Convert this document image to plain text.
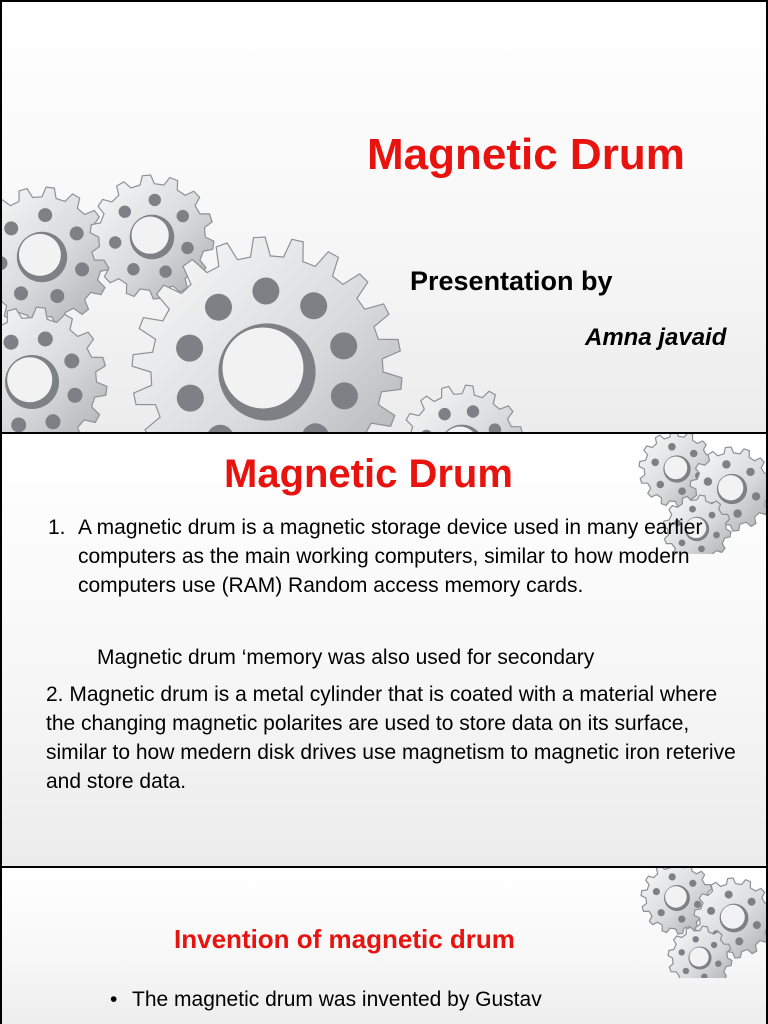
Magnetic Drum
Presentation by
Amna javaid
Magnetic Drum
1. A magnetic drum is a magnetic storage device used in many earlier computers as the main working computers, similar to how modern computers use (RAM) Random access memory cards.
Magnetic drum ‘memory was also used for secondary
2. Magnetic drum is a metal cylinder that is coated with a material where the changing magnetic polarites are used to store data on its surface, similar to how medern disk drives use magnetism to magnetic iron reterive and store data.
Invention of magnetic drum
• The magnetic drum was invented by Gustav
